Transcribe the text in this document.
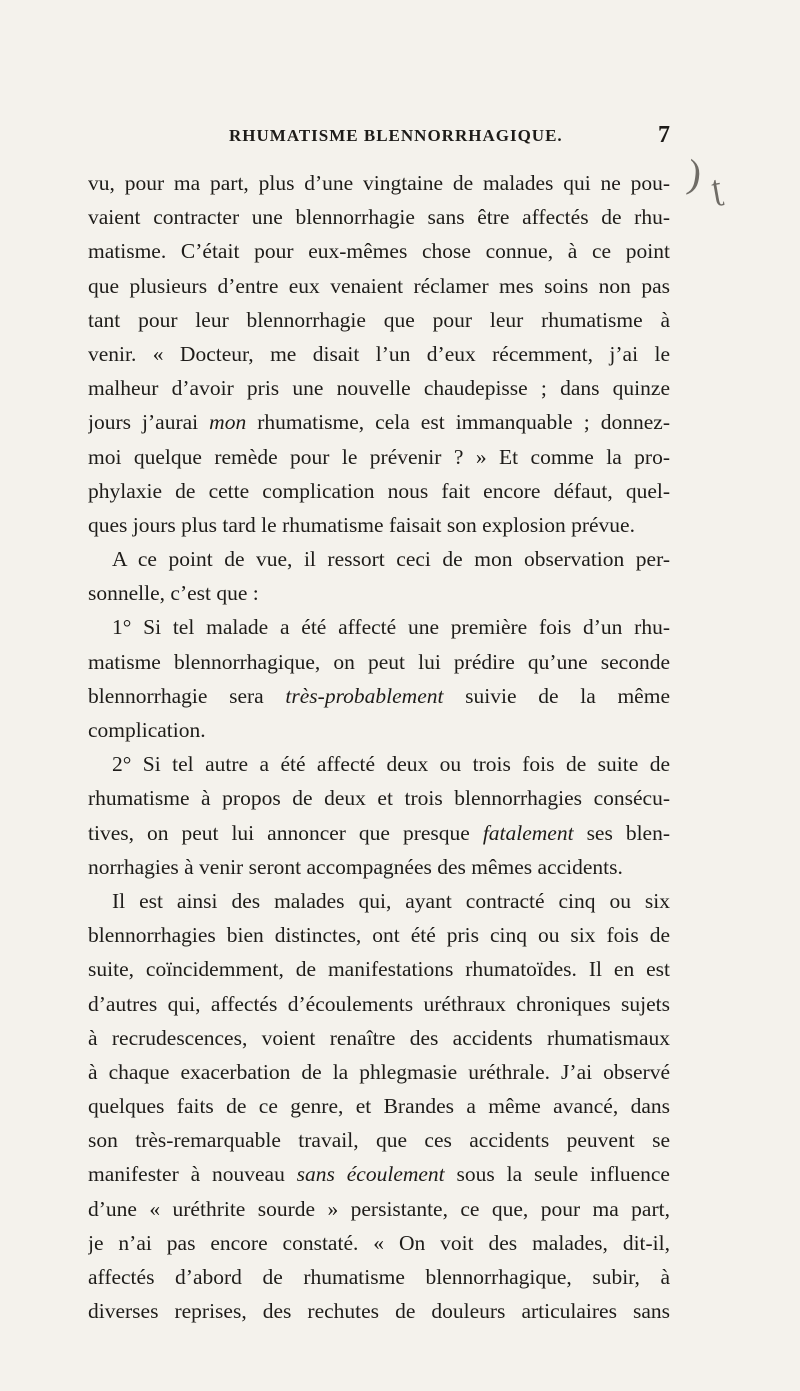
RHUMATISME BLENNORRHAGIQUE.	7
) ʈ
vu, pour ma part, plus d’une vingtaine de malades qui ne pou-
vaient contracter une blennorrhagie sans être affectés de rhu-
matisme. C’était pour eux-mêmes chose connue, à ce point
que plusieurs d’entre eux venaient réclamer mes soins non pas
tant pour leur blennorrhagie que pour leur rhumatisme à
venir. « Docteur, me disait l’un d’eux récemment, j’ai le
malheur d’avoir pris une nouvelle chaudepisse ; dans quinze
jours j’aurai mon rhumatisme, cela est immanquable ; donnez-
moi quelque remède pour le prévenir ? » Et comme la pro-
phylaxie de cette complication nous fait encore défaut, quel-
ques jours plus tard le rhumatisme faisait son explosion prévue.
A ce point de vue, il ressort ceci de mon observation per-
sonnelle, c’est que :
1° Si tel malade a été affecté une première fois d’un rhu-
matisme blennorrhagique, on peut lui prédire qu’une seconde
blennorrhagie sera très-probablement suivie de la même
complication.
2° Si tel autre a été affecté deux ou trois fois de suite de
rhumatisme à propos de deux et trois blennorrhagies consécu-
tives, on peut lui annoncer que presque fatalement ses blen-
norrhagies à venir seront accompagnées des mêmes accidents.
Il est ainsi des malades qui, ayant contracté cinq ou six
blennorrhagies bien distinctes, ont été pris cinq ou six fois de
suite, coïncidemment, de manifestations rhumatoïdes. Il en est
d’autres qui, affectés d’écoulements uréthraux chroniques sujets
à recrudescences, voient renaître des accidents rhumatismaux
à chaque exacerbation de la phlegmasie uréthrale. J’ai observé
quelques faits de ce genre, et Brandes a même avancé, dans
son très-remarquable travail, que ces accidents peuvent se
manifester à nouveau sans écoulement sous la seule influence
d’une « uréthrite sourde » persistante, ce que, pour ma part,
je n’ai pas encore constaté. « On voit des malades, dit-il,
affectés d’abord de rhumatisme blennorrhagique, subir, à
diverses reprises, des rechutes de douleurs articulaires sans
